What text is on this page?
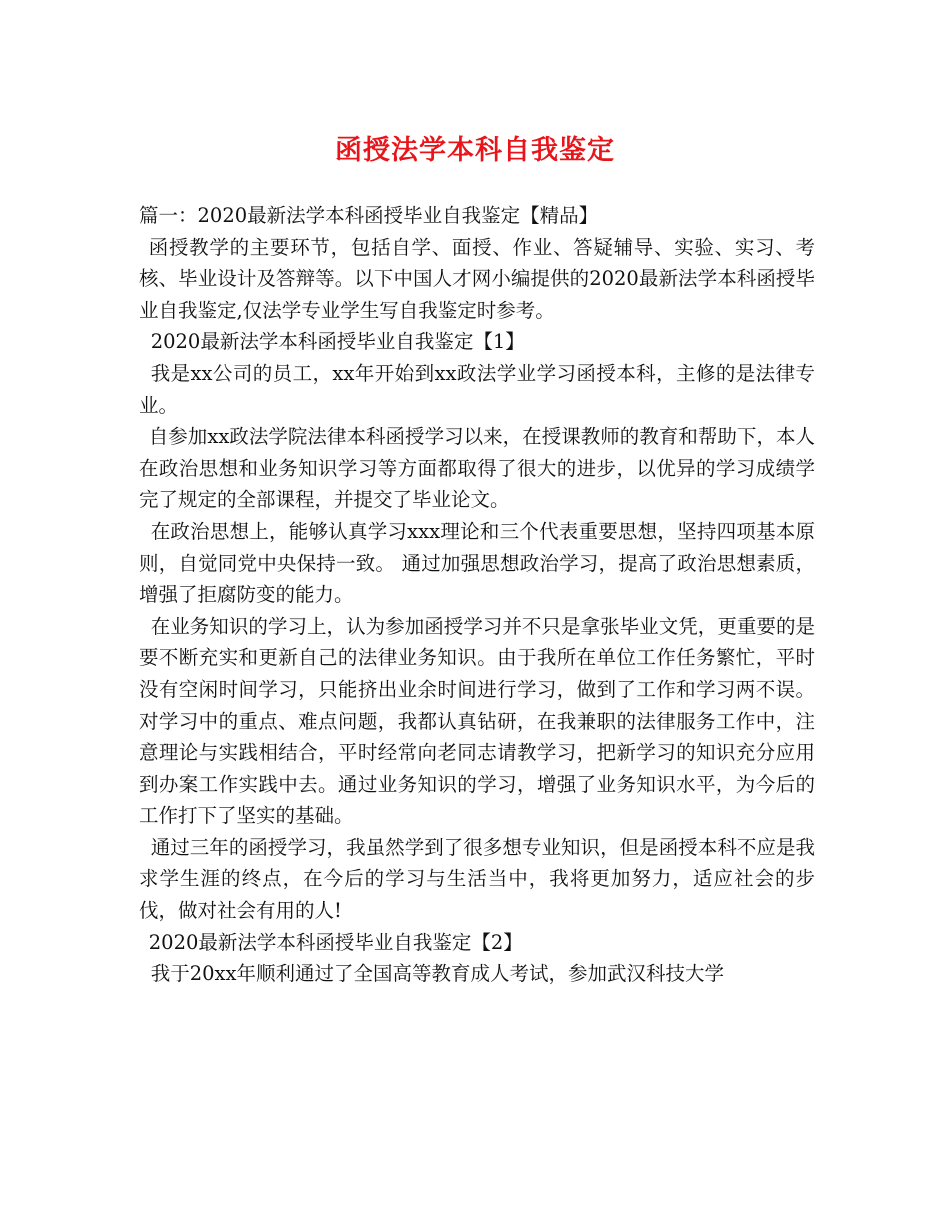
函授法学本科自我鉴定

篇一：2020最新法学本科函授毕业自我鉴定【精品】

函授教学的主要环节，包括自学、面授、作业、答疑辅导、实验、实习、考核、毕业设计及答辩等。以下中国人才网小编提供的2020最新法学本科函授毕业自我鉴定,仅法学专业学生写自我鉴定时参考。

2020最新法学本科函授毕业自我鉴定【1】

我是xx公司的员工，xx年开始到xx政法学业学习函授本科，主修的是法律专业。

自参加xx政法学院法律本科函授学习以来，在授课教师的教育和帮助下，本人在政治思想和业务知识学习等方面都取得了很大的进步，以优异的学习成绩学完了规定的全部课程，并提交了毕业论文。

在政治思想上，能够认真学习xxx理论和三个代表重要思想，坚持四项基本原则，自觉同党中央保持一致。 通过加强思想政治学习，提高了政治思想素质，增强了拒腐防变的能力。

在业务知识的学习上，认为参加函授学习并不只是拿张毕业文凭，更重要的是要不断充实和更新自己的法律业务知识。由于我所在单位工作任务繁忙，平时没有空闲时间学习，只能挤出业余时间进行学习，做到了工作和学习两不误。对学习中的重点、难点问题，我都认真钻研，在我兼职的法律服务工作中，注意理论与实践相结合，平时经常向老同志请教学习，把新学习的知识充分应用到办案工作实践中去。通过业务知识的学习，增强了业务知识水平，为今后的工作打下了坚实的基础。

通过三年的函授学习，我虽然学到了很多想专业知识，但是函授本科不应是我求学生涯的终点，在今后的学习与生活当中，我将更加努力，适应社会的步伐，做对社会有用的人!

2020最新法学本科函授毕业自我鉴定【2】

我于20xx年顺利通过了全国高等教育成人考试，参加武汉科技大学
